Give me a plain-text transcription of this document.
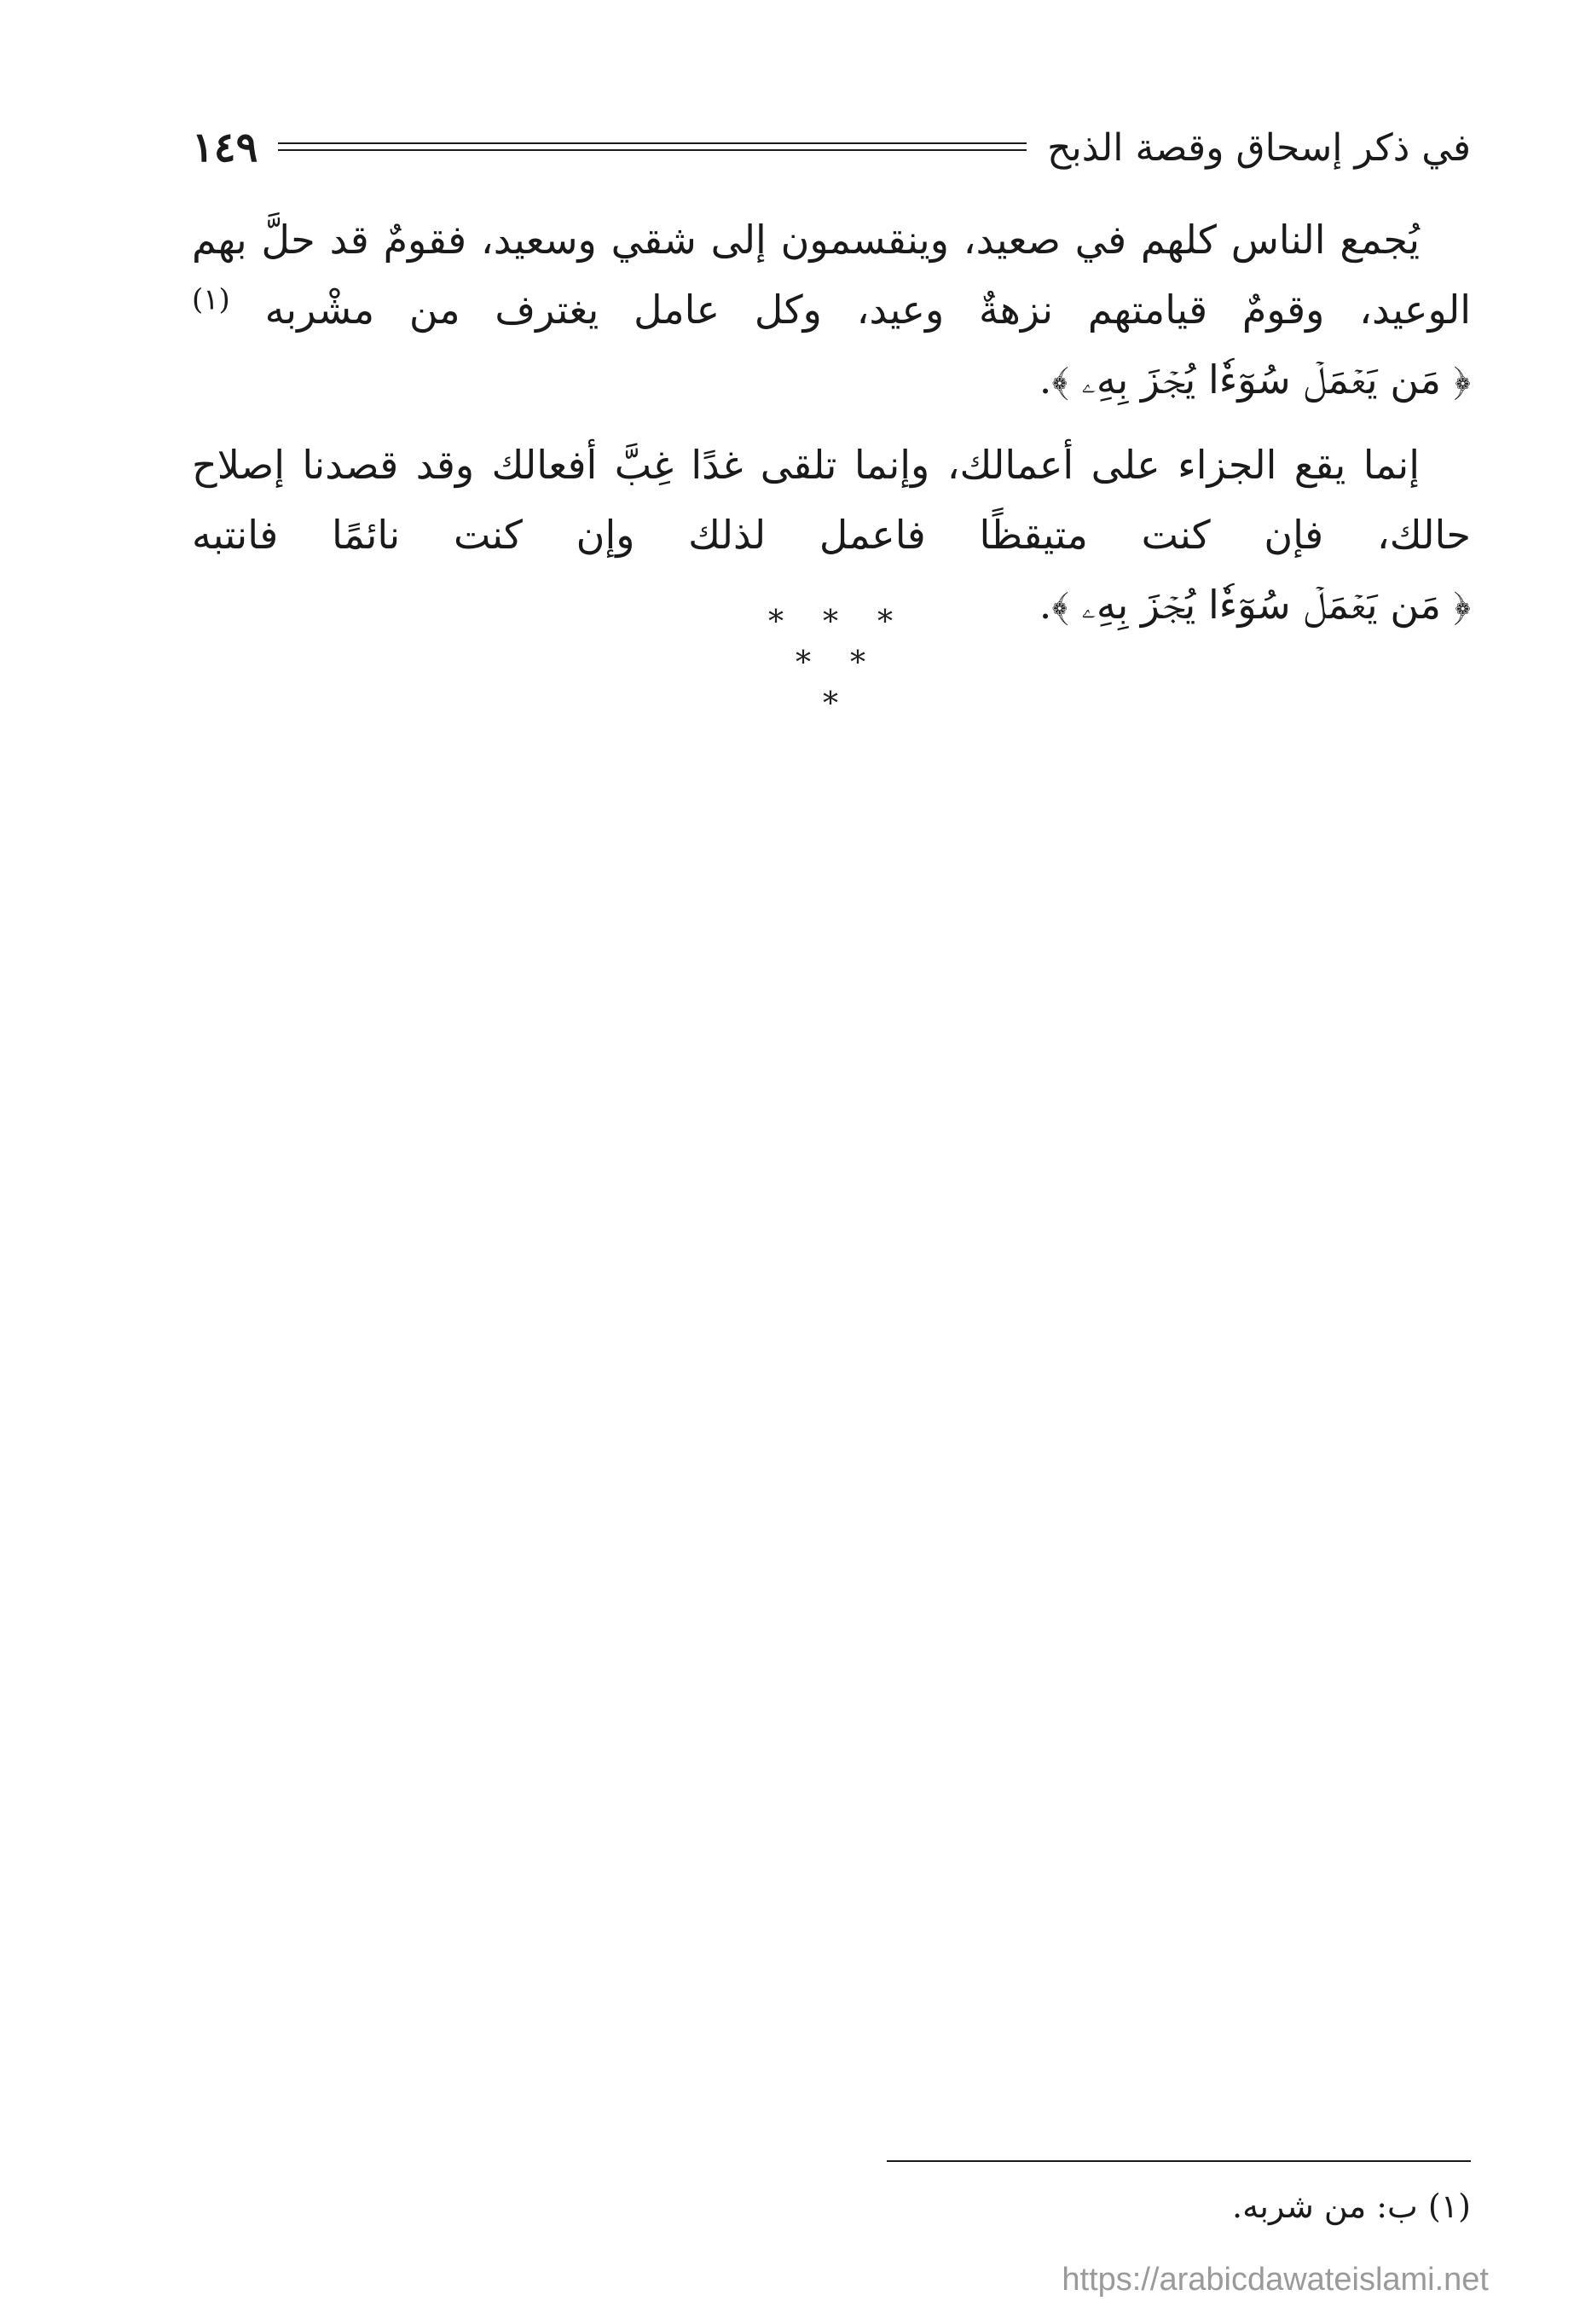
في ذكر إسحاق وقصة الذبح
١٤٩

يُجمع الناس كلهم في صعيد، وينقسمون إلى شقي وسعيد، فقومٌ قد حلَّ بهم الوعيد، وقومٌ قيامتهم نزهةٌ وعيد، وكل عامل يغترف من مشْربه $^{(١)}$ ﴿ مَن يَعۡمَلۡ سُوٓءٗا يُجۡزَ بِهِۦ ﴾.

إنما يقع الجزاء على أعمالك، وإنما تلقى غدًا غِبَّ أفعالك وقد قصدنا إصلاح حالك، فإن كنت متيقظًا فاعمل لذلك وإن كنت نائمًا فانتبه ﴿ مَن يَعۡمَلۡ سُوٓءٗا يُجۡزَ بِهِۦ ﴾.

* * *
* *
*
(١) ب: من شربه.
https://arabicdawateislami.net
